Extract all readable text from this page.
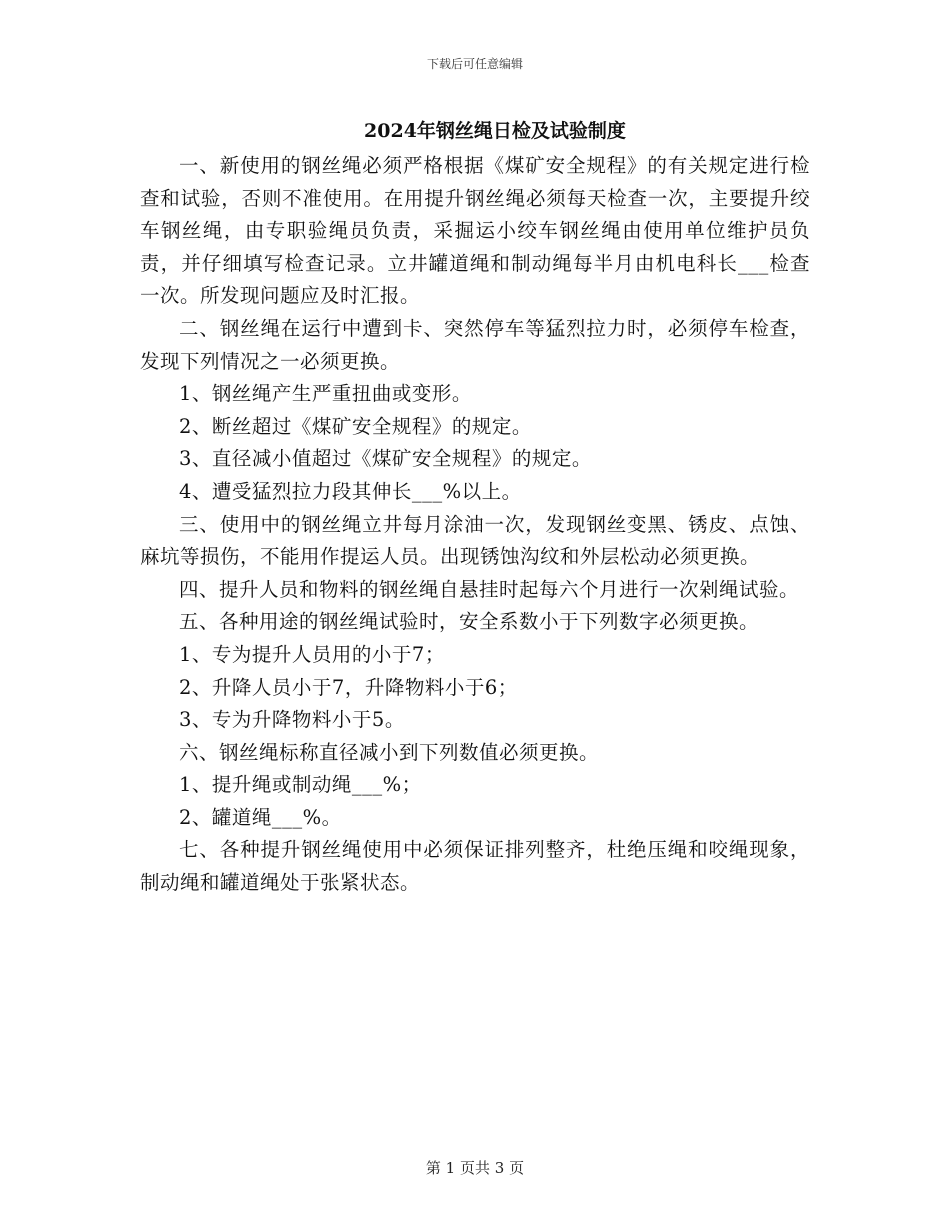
下载后可任意编辑
2024年钢丝绳日检及试验制度

一、新使用的钢丝绳必须严格根据《煤矿安全规程》的有关规定进行检查和试验，否则不准使用。在用提升钢丝绳必须每天检查一次，主要提升绞车钢丝绳，由专职验绳员负责，采掘运小绞车钢丝绳由使用单位维护员负责，并仔细填写检查记录。立井罐道绳和制动绳每半月由机电科长___检查一次。所发现问题应及时汇报。

二、钢丝绳在运行中遭到卡、突然停车等猛烈拉力时，必须停车检查，发现下列情况之一必须更换。

1、钢丝绳产生严重扭曲或变形。

2、断丝超过《煤矿安全规程》的规定。

3、直径减小值超过《煤矿安全规程》的规定。

4、遭受猛烈拉力段其伸长___%以上。

三、使用中的钢丝绳立井每月涂油一次，发现钢丝变黑、锈皮、点蚀、麻坑等损伤，不能用作提运人员。出现锈蚀沟纹和外层松动必须更换。

四、提升人员和物料的钢丝绳自悬挂时起每六个月进行一次剁绳试验。

五、各种用途的钢丝绳试验时，安全系数小于下列数字必须更换。

1、专为提升人员用的小于7；

2、升降人员小于7，升降物料小于6；

3、专为升降物料小于5。

六、钢丝绳标称直径减小到下列数值必须更换。

1、提升绳或制动绳___%；

2、罐道绳___%。

七、各种提升钢丝绳使用中必须保证排列整齐，杜绝压绳和咬绳现象，制动绳和罐道绳处于张紧状态。

第 1 页共 3 页
